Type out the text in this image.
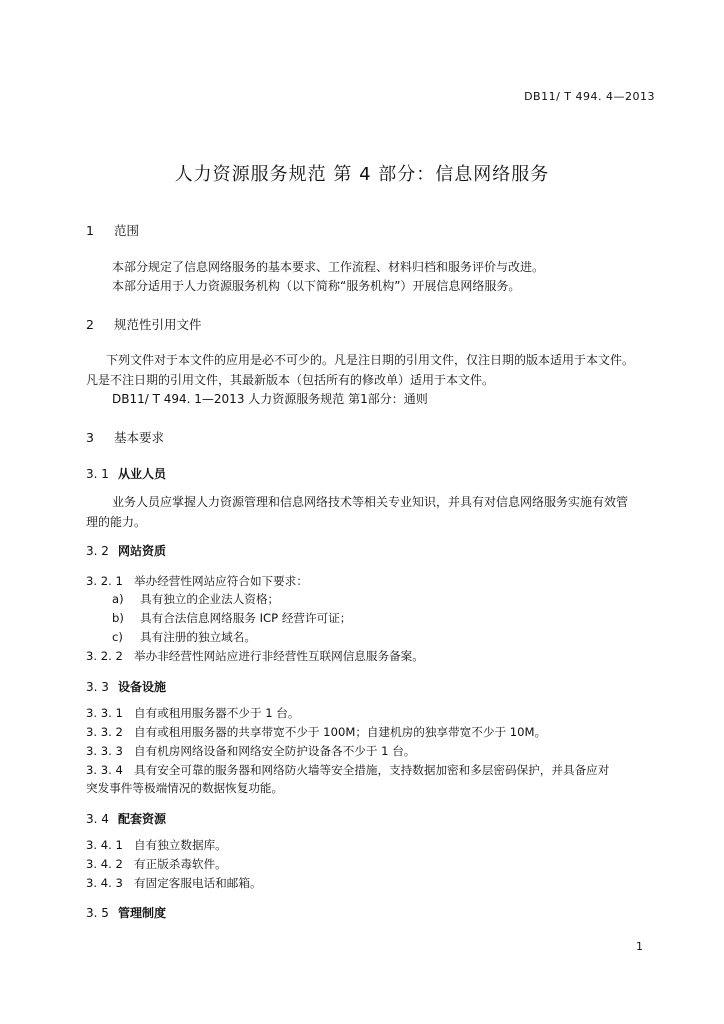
DB11/ T 494. 4—2013
人力资源服务规范 第 4 部分：信息网络服务
1 范围
本部分规定了信息网络服务的基本要求、工作流程、材料归档和服务评价与改进。
本部分适用于人力资源服务机构（以下简称“服务机构”）开展信息网络服务。
2 规范性引用文件
下列文件对于本文件的应用是必不可少的。凡是注日期的引用文件，仅注日期的版本适用于本文件。
凡是不注日期的引用文件，其最新版本（包括所有的修改单）适用于本文件。
DB11/ T 494. 1—2013 人力资源服务规范 第1部分：通则
3 基本要求
3. 1 从业人员
业务人员应掌握人力资源管理和信息网络技术等相关专业知识，并具有对信息网络服务实施有效管
理的能力。
3. 2 网站资质
3. 2. 1 举办经营性网站应符合如下要求：
a) 具有独立的企业法人资格；
b) 具有合法信息网络服务 ICP 经营许可证；
c) 具有注册的独立域名。
3. 2. 2 举办非经营性网站应进行非经营性互联网信息服务备案。
3. 3 设备设施
3. 3. 1 自有或租用服务器不少于 1 台。
3. 3. 2 自有或租用服务器的共享带宽不少于 100M；自建机房的独享带宽不少于 10M。
3. 3. 3 自有机房网络设备和网络安全防护设备各不少于 1 台。
3. 3. 4 具有安全可靠的服务器和网络防火墙等安全措施，支持数据加密和多层密码保护，并具备应对
突发事件等极端情况的数据恢复功能。
3. 4 配套资源
3. 4. 1 自有独立数据库。
3. 4. 2 有正版杀毒软件。
3. 4. 3 有固定客服电话和邮箱。
3. 5 管理制度
1
